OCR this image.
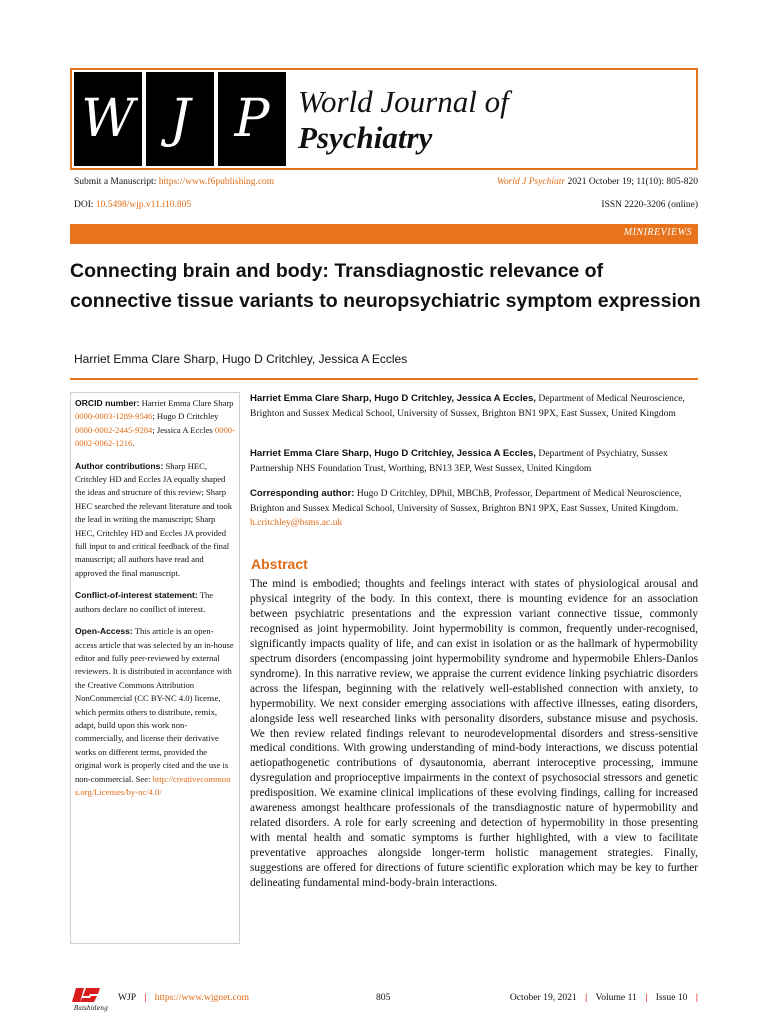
W J P World Journal of
Psychiatry
Submit a Manuscript: https://www.f6publishing.com	World J Psychiatr 2021 October 19; 11(10): 805-820
DOI: 10.5498/wjp.v11.i10.805	ISSN 2220-3206 (online)
MINIREVIEWS
Connecting brain and body: Transdiagnostic relevance of connective tissue variants to neuropsychiatric symptom expression
Harriet Emma Clare Sharp, Hugo D Critchley, Jessica A Eccles

ORCID number: Harriet Emma Clare Sharp 0000-0003-1289-9546; Hugo D Critchley 0000-0002-2445-9284; Jessica A Eccles 0000-0002-0062-1216.

Author contributions: Sharp HEC, Critchley HD and Eccles JA equally shaped the ideas and structure of this review; Sharp HEC searched the relevant literature and took the lead in writing the manuscript; Sharp HEC, Critchley HD and Eccles JA provided full input to and critical feedback of the final manuscript; all authors have read and approved the final manuscript.

Conflict-of-interest statement: The authors declare no conflict of interest.

Open-Access: This article is an open-access article that was selected by an in-house editor and fully peer-reviewed by external reviewers. It is distributed in accordance with the Creative Commons Attribution NonCommercial (CC BY-NC 4.0) license, which permits others to distribute, remix, adapt, build upon this work non-commercially, and license their derivative works on different terms, provided the original work is properly cited and the use is non-commercial. See: http://creativecommons.org/Licenses/by-nc/4.0/

Harriet Emma Clare Sharp, Hugo D Critchley, Jessica A Eccles, Department of Medical Neuroscience, Brighton and Sussex Medical School, University of Sussex, Brighton BN1 9PX, East Sussex, United Kingdom
Harriet Emma Clare Sharp, Hugo D Critchley, Jessica A Eccles, Department of Psychiatry, Sussex Partnership NHS Foundation Trust, Worthing, BN13 3EP, West Sussex, United Kingdom
Corresponding author: Hugo D Critchley, DPhil, MBChB, Professor, Department of Medical Neuroscience, Brighton and Sussex Medical School, University of Sussex, Brighton BN1 9PX, East Sussex, United Kingdom. h.critchley@bsms.ac.uk
Abstract
The mind is embodied; thoughts and feelings interact with states of physiological arousal and physical integrity of the body. In this context, there is mounting evidence for an association between psychiatric presentations and the expression variant connective tissue, commonly recognised as joint hypermobility. Joint hypermobility is common, frequently under-recognised, significantly impacts quality of life, and can exist in isolation or as the hallmark of hypermobility spectrum disorders (encompassing joint hypermobility syndrome and hypermobile Ehlers-Danlos syndrome). In this narrative review, we appraise the current evidence linking psychiatric disorders across the lifespan, beginning with the relatively well-established connection with anxiety, to hypermobility. We next consider emerging associations with affective illnesses, eating disorders, alongside less well researched links with personality disorders, substance misuse and psychosis. We then review related findings relevant to neurodevelopmental disorders and stress-sensitive medical conditions. With growing understanding of mind-body interactions, we discuss potential aetiopathogenetic contributions of dysautonomia, aberrant interoceptive processing, immune dysregulation and proprioceptive impairments in the context of psychosocial stressors and genetic predisposition. We examine clinical implications of these evolving findings, calling for increased awareness amongst healthcare professionals of the transdiagnostic nature of hypermobility and related disorders. A role for early screening and detection of hypermobility in those presenting with mental health and somatic symptoms is further highlighted, with a view to facilitate preventative approaches alongside longer-term holistic management strategies. Finally, suggestions are offered for directions of future scientific exploration which may be key to further delineating fundamental mind-body-brain interactions.
Baishideng
WJP | https://www.wjgnet.com	805	October 19, 2021 | Volume 11 | Issue 10 |
